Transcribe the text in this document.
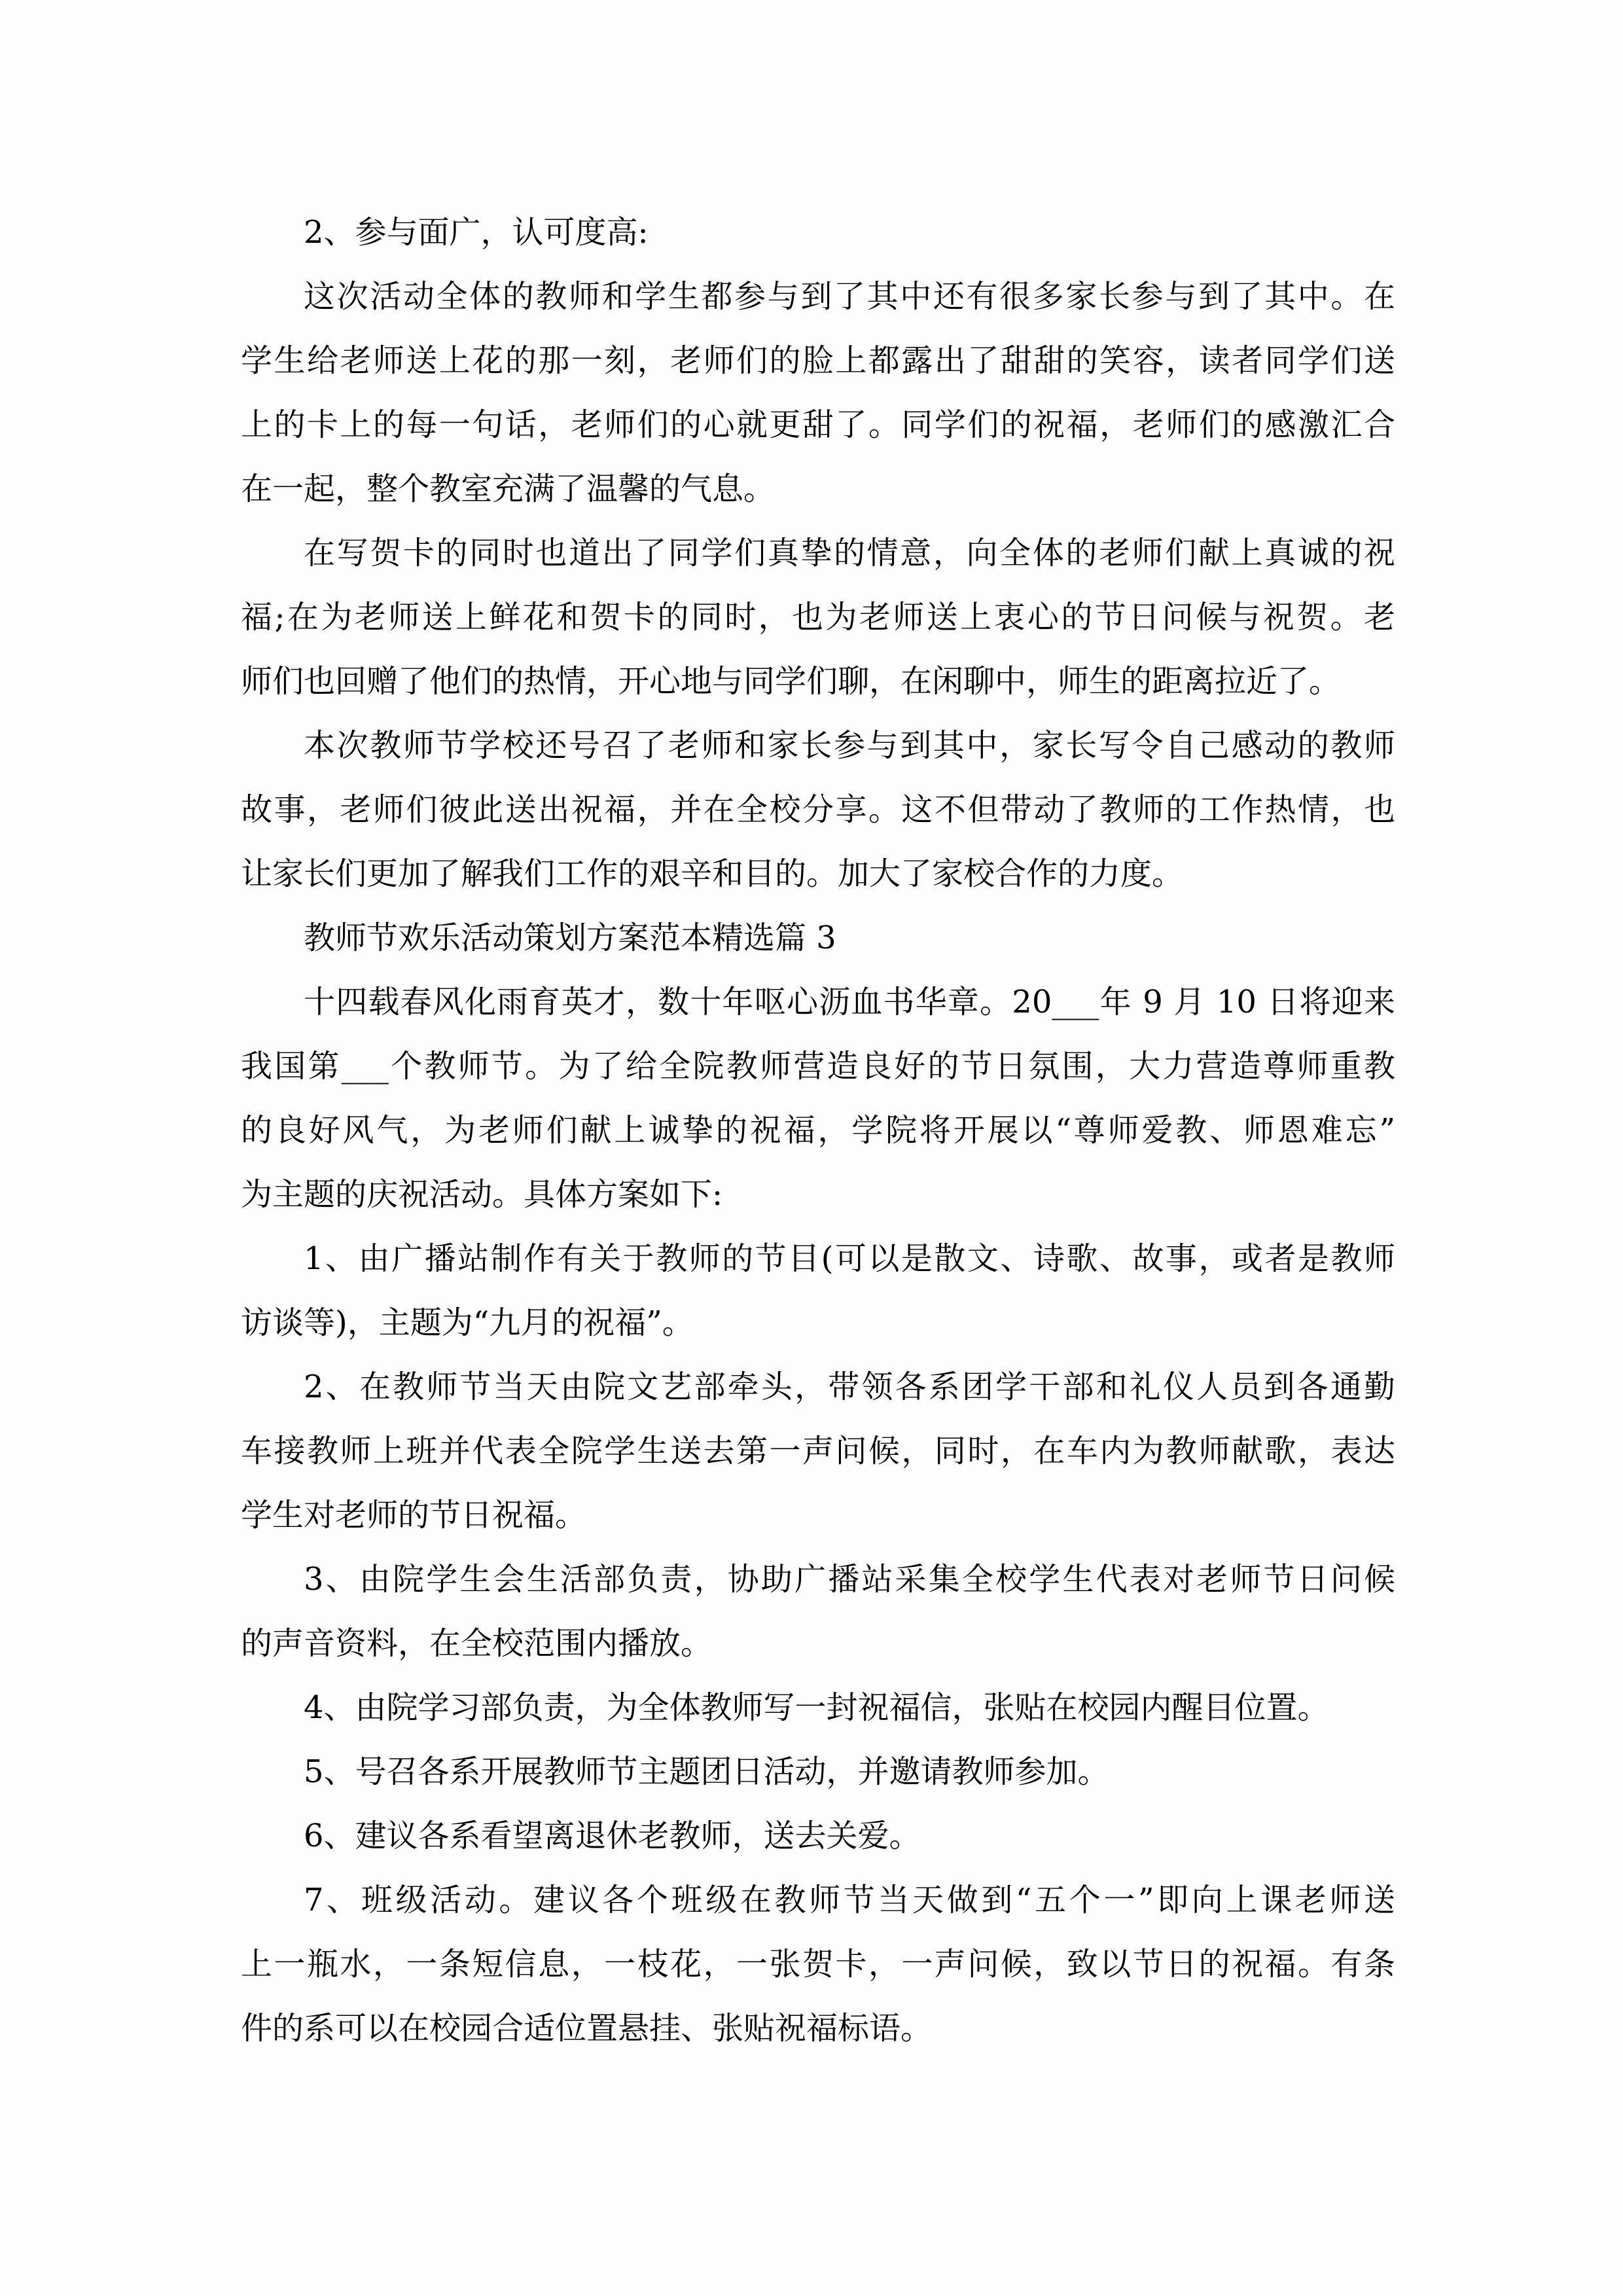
2、参与面广，认可度高:
这次活动全体的教师和学生都参与到了其中还有很多家长参与到了其中。在
学生给老师送上花的那一刻，老师们的脸上都露出了甜甜的笑容，读者同学们送
上的卡上的每一句话，老师们的心就更甜了。同学们的祝福，老师们的感激汇合
在一起，整个教室充满了温馨的气息。
在写贺卡的同时也道出了同学们真挚的情意，向全体的老师们献上真诚的祝
福;在为老师送上鲜花和贺卡的同时，也为老师送上衷心的节日问候与祝贺。老
师们也回赠了他们的热情，开心地与同学们聊，在闲聊中，师生的距离拉近了。
本次教师节学校还号召了老师和家长参与到其中，家长写令自己感动的教师
故事，老师们彼此送出祝福，并在全校分享。这不但带动了教师的工作热情，也
让家长们更加了解我们工作的艰辛和目的。加大了家校合作的力度。
教师节欢乐活动策划方案范本精选篇 3
十四载春风化雨育英才，数十年呕心沥血书华章。20___年 9 月 10 日将迎来
我国第___个教师节。为了给全院教师营造良好的节日氛围，大力营造尊师重教
的良好风气，为老师们献上诚挚的祝福，学院将开展以“尊师爱教、师恩难忘”
为主题的庆祝活动。具体方案如下:
1、由广播站制作有关于教师的节目(可以是散文、诗歌、故事，或者是教师
访谈等)，主题为“九月的祝福”。
2、在教师节当天由院文艺部牵头，带领各系团学干部和礼仪人员到各通勤
车接教师上班并代表全院学生送去第一声问候，同时，在车内为教师献歌，表达
学生对老师的节日祝福。
3、由院学生会生活部负责，协助广播站采集全校学生代表对老师节日问候
的声音资料，在全校范围内播放。
4、由院学习部负责，为全体教师写一封祝福信，张贴在校园内醒目位置。
5、号召各系开展教师节主题团日活动，并邀请教师参加。
6、建议各系看望离退休老教师，送去关爱。
7、班级活动。建议各个班级在教师节当天做到“五个一”即向上课老师送
上一瓶水，一条短信息，一枝花，一张贺卡，一声问候，致以节日的祝福。有条
件的系可以在校园合适位置悬挂、张贴祝福标语。
